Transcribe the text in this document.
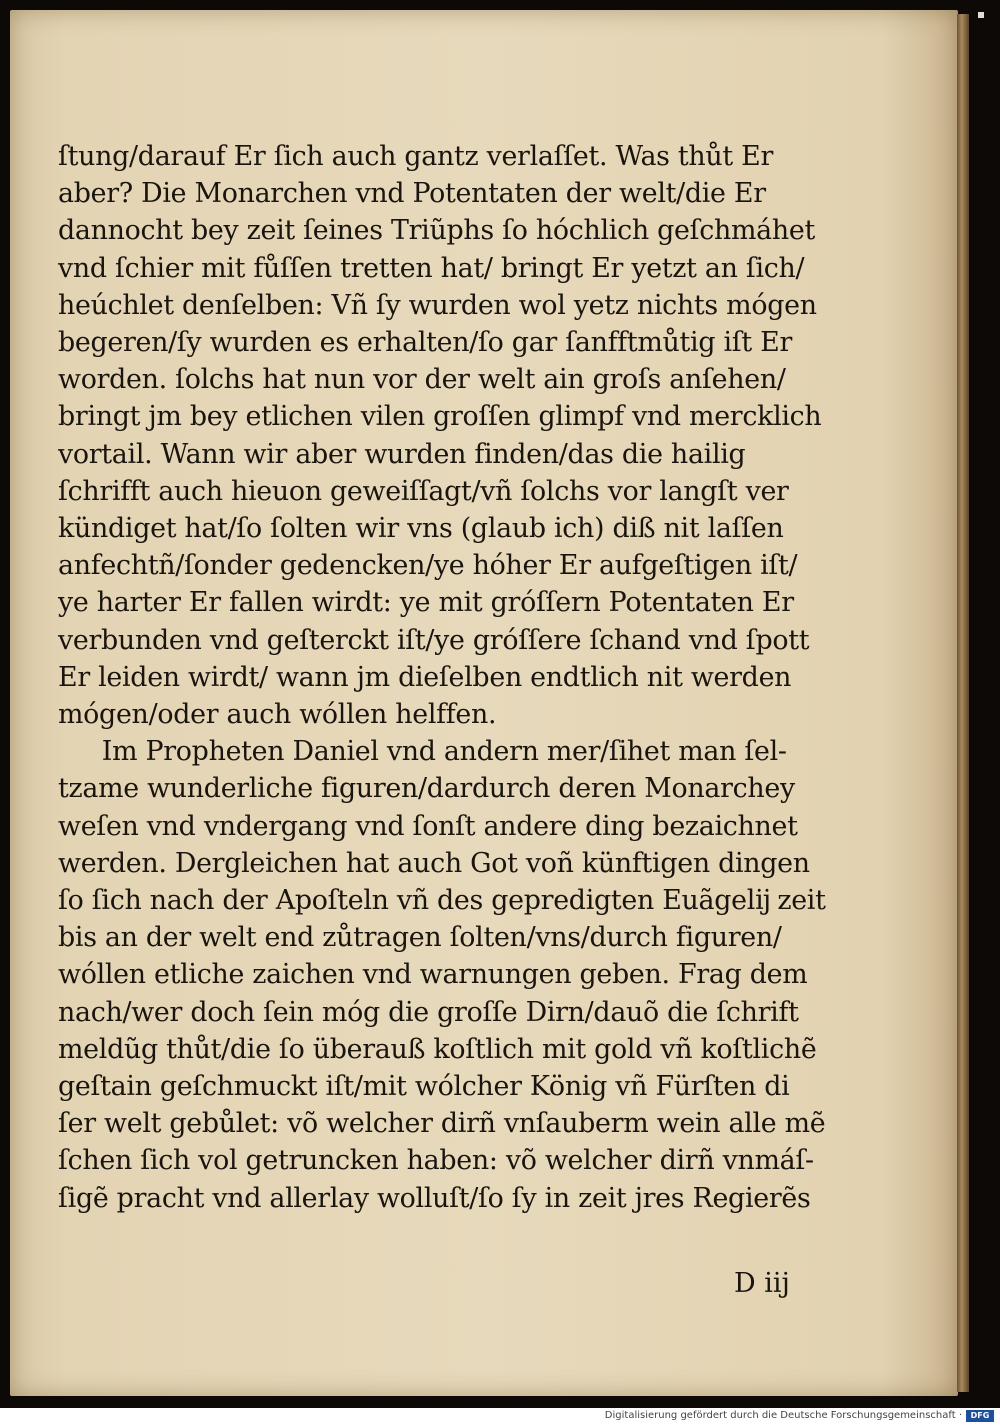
ſtung/darauf Er ſich auch gantz verlaſſet. Was thůt Er
aber? Die Monarchen vnd Potentaten der welt/die Er
dannocht bey zeit ſeines Triũphs ſo hóchlich geſchmáhet
vnd ſchier mit fůſſen tretten hat/ bringt Er yetzt an ſich/
heúchlet denſelben: Vñ ſy wurden wol yetz nichts mógen
begeren/ſy wurden es erhalten/ſo gar ſanfftmůtig iſt Er
worden. ſolchs hat nun vor der welt ain groſs anſehen/
bringt jm bey etlichen vilen groſſen glimpf vnd mercklich
vortail. Wann wir aber wurden finden/das die hailig
ſchrifft auch hieuon geweiſſagt/vñ ſolchs vor langſt ver
kündiget hat/ſo ſolten wir vns (glaub ich) diß nit laſſen
anfechtñ/ſonder gedencken/ye hóher Er aufgeſtigen iſt/
ye harter Er fallen wirdt: ye mit gróſſern Potentaten Er
verbunden vnd geſterckt iſt/ye gróſſere ſchand vnd ſpott
Er leiden wirdt/ wann jm dieſelben endtlich nit werden
mógen/oder auch wóllen helffen.
Im Propheten Daniel vnd andern mer/ſihet man ſel-
tzame wunderliche figuren/dardurch deren Monarchey
weſen vnd vndergang vnd ſonſt andere ding bezaichnet
werden. Dergleichen hat auch Got voñ künftigen dingen
ſo ſich nach der Apoſteln vñ des gepredigten Euãgelĳ zeit
bis an der welt end zůtragen ſolten/vns/durch figuren/
wóllen etliche zaichen vnd warnungen geben. Frag dem
nach/wer doch ſein móg die groſſe Dirn/dauõ die ſchrift
meldũg thůt/die ſo überauß koſtlich mit gold vñ koſtlichẽ
geſtain geſchmuckt iſt/mit wólcher König vñ Fürſten di
ſer welt gebůlet: võ welcher dirñ vnſauberm wein alle mẽ
ſchen ſich vol getruncken haben: võ welcher dirñ vnmáſ-
ſigẽ pracht vnd allerlay wolluſt/ſo ſy in zeit jres Regierẽs
D iij
Digitalisierung gefördert durch die Deutsche Forschungsgemeinschaft ·	DFG
